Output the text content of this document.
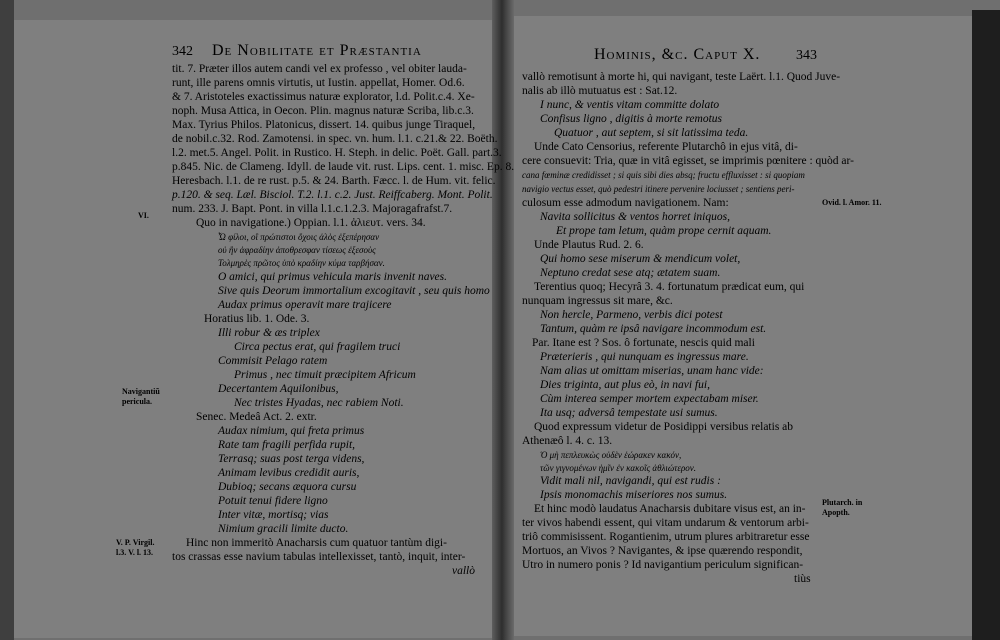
342 De Nobilitate et Præstantia	Hominis, &c. Caput X.	343
tit. 7. Præter illos autem candi vel ex professo , vel obiter lauda-
runt, ille parens omnis virtutis, ut Iustin. appellat, Homer. Od.6.
& 7. Aristoteles exactissimus naturæ explorator, l.d. Polit.c.4. Xe-
noph. Musa Attica, in Oecon. Plin. magnus naturæ Scriba, lib.c.3.
Max. Tyrius Philos. Platonicus, dissert. 14. quibus junge Tiraquel,
de nobil.c.32. Rod. Zamotensi. in spec. vn. hum. l.1. c.21.& 22. Boëth.
l.2. met.5. Angel. Polit. in Rustico. H. Steph. in delic. Poët. Gall. part.3.
p.845. Nic. de Clameng. Idyll. de laude vit. rust. Lips. cent. 1. misc. Ep. 8.
Heresbach. l.1. de re rust. p.5. & 24. Barth. Fæcc. l. de Hum. vit. felic.
p.120. & seq. Læl. Bisciol. T.2. l.1. c.2. Just. Reiffcaberg. Mont. Polit.
num. 233. J. Bapt. Pont. in villa l.1.c.1.2.3. Majoragafrafst.7.
Quo in navigatione.) Oppian. l.1. ἁλιευτ. vers. 34.
Ὦ φίλοι, οἳ πρώτιστοι ὄχοις ἁλὸς ἐξεπέρησαν
οὐ ἢν ἀφραδίην ἀποθρεσφαν τίσεως ἐξεσοὺς
Τολμηρὲς πρῶτος ὑπὸ κραδίην κύμα ταρβήσαν.
O amici, qui primus vehicula maris invenit naves.
Sive quis Deorum immortalium excogitavit , seu quis homo
Audax primus operavit mare trajicere
Horatius lib. 1. Ode. 3.
Illi robur & æs triplex
Circa pectus erat, qui fragilem truci
Commisit Pelago ratem
Primus , nec timuit præcipitem Africum
Decertantem Aquilonibus,
Nec tristes Hyadas, nec rabiem Noti.
Senec. Medeâ Act. 2. extr.
Audax nimium, qui freta primus
Rate tam fragili perfida rupit,
Terrasq; suas post terga videns,
Animam levibus credidit auris,
Dubioq; secans æquora cursu
Potuit tenui fidere ligno
Inter vitæ, mortisq; vias
Nimium gracili limite ducto.
Hinc non immeritò Anacharsis cum quatuor tantùm digi-
tos crassas esse navium tabulas intellexisset, tantò, inquit, inter-
vallò
VI.
Navigantiũ
pericula.
V. P. Virgil.
l.3. V. l. 13.
vallò remotisunt à morte hi, qui navigant, teste Laërt. l.1. Quod Juve-
nalis ab illò mutuatus est : Sat.12.
I nunc, & ventis vitam committe dolato
Confisus ligno , digitis à morte remotus
Quatuor , aut septem, si sit latissima teda.
Unde Cato Censorius, referente Plutarchô in ejus vitâ, di-
cere consuevit: Tria, quæ in vitâ egisset, se imprimis pœnitere : quòd ar-
cana fœminæ credidisset ; si quis sibi dies absq; fructu effluxisset : si quopiam
navigio vectus esset, quò pedestri itinere pervenire lociusset ; sentiens peri-
culosum esse admodum navigationem. Nam:
Navita sollicitus & ventos horret iniquos,
Et prope tam letum, quàm prope cernit aquam.
Unde Plautus Rud. 2. 6.
Qui homo sese miserum & mendicum volet,
Neptuno credat sese atq; ætatem suam.
Terentius quoq; Hecyrâ 3. 4. fortunatum prædicat eum, qui
nunquam ingressus sit mare, &c.
Non hercle, Parmeno, verbis dici potest
Tantum, quàm re ipsâ navigare incommodum est.
Par. Itane est ? Sos. ô fortunate, nescis quid mali
Præterieris , qui nunquam es ingressus mare.
Nam alias ut omittam miserias, unam hanc vide:
Dies triginta, aut plus eò, in navi fui,
Cùm interea semper mortem expectabam miser.
Ita usq; adversâ tempestate usi sumus.
Quod expressum videtur de Posidippi versibus relatis ab
Athenæô l. 4. c. 13.
Ὁ μὴ πεπλευκὼς οὐδὲν ἑώρακεν κακόν,
τῶν γιγνομένων ἡμῖν ἐν κακοῖς ἀθλιώτερον.
Vidit mali nil, navigandi, qui est rudis :
Ipsis monomachis miseriores nos sumus.
Et hinc modò laudatus Anacharsis dubitare visus est, an in-
ter vivos habendi essent, qui vitam undarum & ventorum arbi-
triô commisissent. Rogantienim, utrum plures arbitraretur esse
Mortuos, an Vivos ? Navigantes, & ipse quærendo respondit,
Utro in numero ponis ? Id navigantium periculum significan-
tiùs
Ovid. l. Amor. 11.
Plutarch. in
Apopth.
